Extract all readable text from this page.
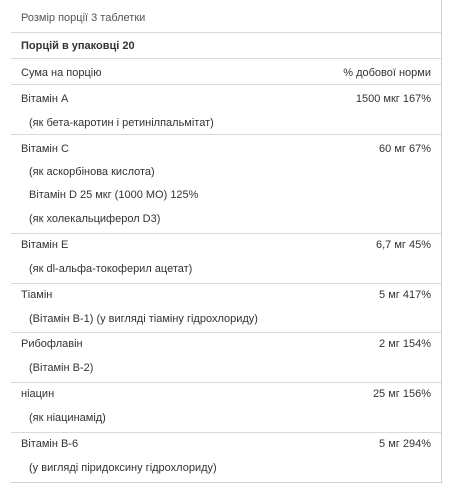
Розмір порції 3 таблетки
Порцій в упаковці 20
Сума на порцію	% добової норми
Вітамін А	1500 мкг 167%
(як бета-каротин і ретинілпальмітат)
Вітамін С	60 мг 67%
(як аскорбінова кислота)
Вітамін D 25 мкг (1000 МО) 125%
(як холекальциферол D3)
Вітамін Е	6,7 мг 45%
(як dl-альфа-токоферил ацетат)
Тіамін	5 мг 417%
(Вітамін В-1) (у вигляді тіаміну гідрохлориду)
Рибофлавін	2 мг 154%
(Вітамін В-2)
ніацин	25 мг 156%
(як ніацинамід)
Вітамін В-6	5 мг 294%
(у вигляді піридоксину гідрохлориду)
